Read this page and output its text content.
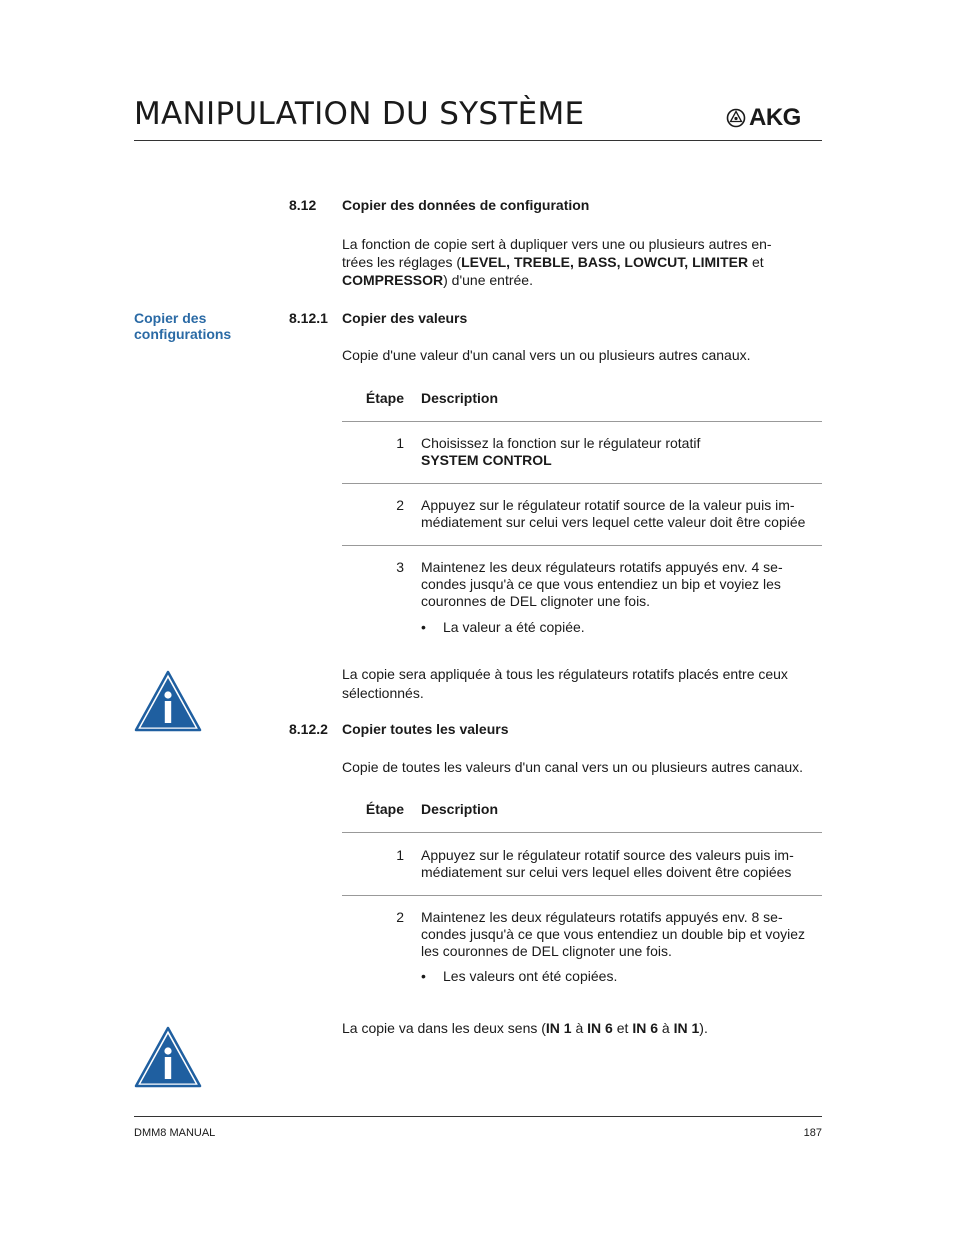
MANIPULATION DU SYSTÈME	AKG
8.12 Copier des données de configuration
La fonction de copie sert à dupliquer vers une ou plusieurs autres en-
trées les réglages (LEVEL, TREBLE, BASS, LOWCUT, LIMITER et
COMPRESSOR) d'une entrée.
Copier des configurations
8.12.1 Copier des valeurs
Copie d'une valeur d'un canal vers un ou plusieurs autres canaux.
Étape Description
1 Choisissez la fonction sur le régulateur rotatif
SYSTEM CONTROL
2 Appuyez sur le régulateur rotatif source de la valeur puis im-
médiatement sur celui vers lequel cette valeur doit être copiée
3 Maintenez les deux régulateurs rotatifs appuyés env. 4 se-
condes jusqu'à ce que vous entendiez un bip et voyiez les
couronnes de DEL clignoter une fois.
• La valeur a été copiée.
La copie sera appliquée à tous les régulateurs rotatifs placés entre ceux
sélectionnés.
8.12.2 Copier toutes les valeurs
Copie de toutes les valeurs d'un canal vers un ou plusieurs autres canaux.
Étape Description
1 Appuyez sur le régulateur rotatif source des valeurs puis im-
médiatement sur celui vers lequel elles doivent être copiées
2 Maintenez les deux régulateurs rotatifs appuyés env. 8 se-
condes jusqu'à ce que vous entendiez un double bip et voyiez
les couronnes de DEL clignoter une fois.
• Les valeurs ont été copiées.
La copie va dans les deux sens (IN 1 à IN 6 et IN 6 à IN 1).
DMM8 MANUAL	187
